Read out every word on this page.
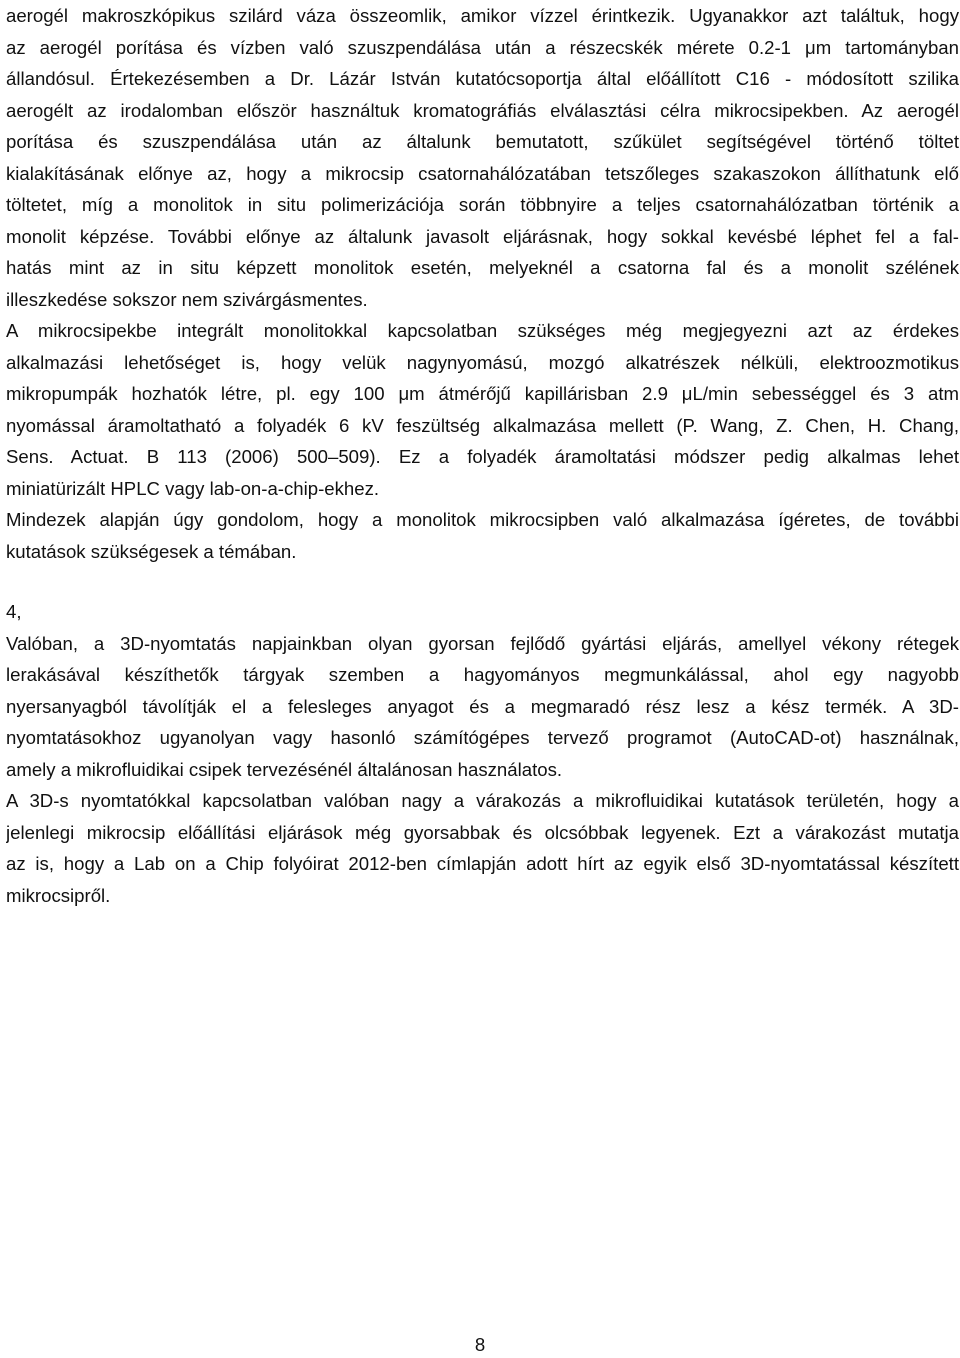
aerogél makroszkópikus szilárd váza összeomlik, amikor vízzel érintkezik. Ugyanakkor azt találtuk, hogy
az aerogél porítása és vízben való szuszpendálása után a részecskék mérete 0.2-1 μm tartományban
állandósul. Értekezésemben a Dr. Lázár István kutatócsoportja által előállított C16 - módosított szilika
aerogélt az irodalomban először használtuk kromatográfiás elválasztási célra mikrocsipekben. Az aerogél
porítása és szuszpendálása után az általunk bemutatott, szűkület segítségével történő töltet
kialakításának előnye az, hogy a mikrocsip csatornahálózatában tetszőleges szakaszokon állíthatunk elő
töltetet, míg a monolitok in situ polimerizációja során többnyire a teljes csatornahálózatban történik a
monolit képzése. További előnye az általunk javasolt eljárásnak, hogy sokkal kevésbé léphet fel a fal-
hatás mint az in situ képzett monolitok esetén, melyeknél a csatorna fal és a monolit szélének
illeszkedése sokszor nem szivárgásmentes.
A mikrocsipekbe integrált monolitokkal kapcsolatban szükséges még megjegyezni azt az érdekes
alkalmazási lehetőséget is, hogy velük nagynyomású, mozgó alkatrészek nélküli, elektroozmotikus
mikropumpák hozhatók létre, pl. egy 100 μm átmérőjű kapillárisban 2.9 μL/min sebességgel és 3 atm
nyomással áramoltatható a folyadék 6 kV feszültség alkalmazása mellett (P. Wang, Z. Chen, H. Chang,
Sens. Actuat. B 113 (2006) 500–509). Ez a folyadék áramoltatási módszer pedig alkalmas lehet
miniatürizált HPLC vagy lab-on-a-chip-ekhez.
Mindezek alapján úgy gondolom, hogy a monolitok mikrocsipben való alkalmazása ígéretes, de további
kutatások szükségesek a témában.
4,
Valóban, a 3D-nyomtatás napjainkban olyan gyorsan fejlődő gyártási eljárás, amellyel vékony rétegek
lerakásával készíthetők tárgyak szemben a hagyományos megmunkálással, ahol egy nagyobb
nyersanyagból távolítják el a felesleges anyagot és a megmaradó rész lesz a kész termék. A 3D-
nyomtatásokhoz ugyanolyan vagy hasonló számítógépes tervező programot (AutoCAD-ot) használnak,
amely a mikrofluidikai csipek tervezésénél általánosan használatos.
A 3D-s nyomtatókkal kapcsolatban valóban nagy a várakozás a mikrofluidikai kutatások területén, hogy a
jelenlegi mikrocsip előállítási eljárások még gyorsabbak és olcsóbbak legyenek. Ezt a várakozást mutatja
az is, hogy a Lab on a Chip folyóirat 2012-ben címlapján adott hírt az egyik első 3D-nyomtatással készített
mikrocsipről.
8
